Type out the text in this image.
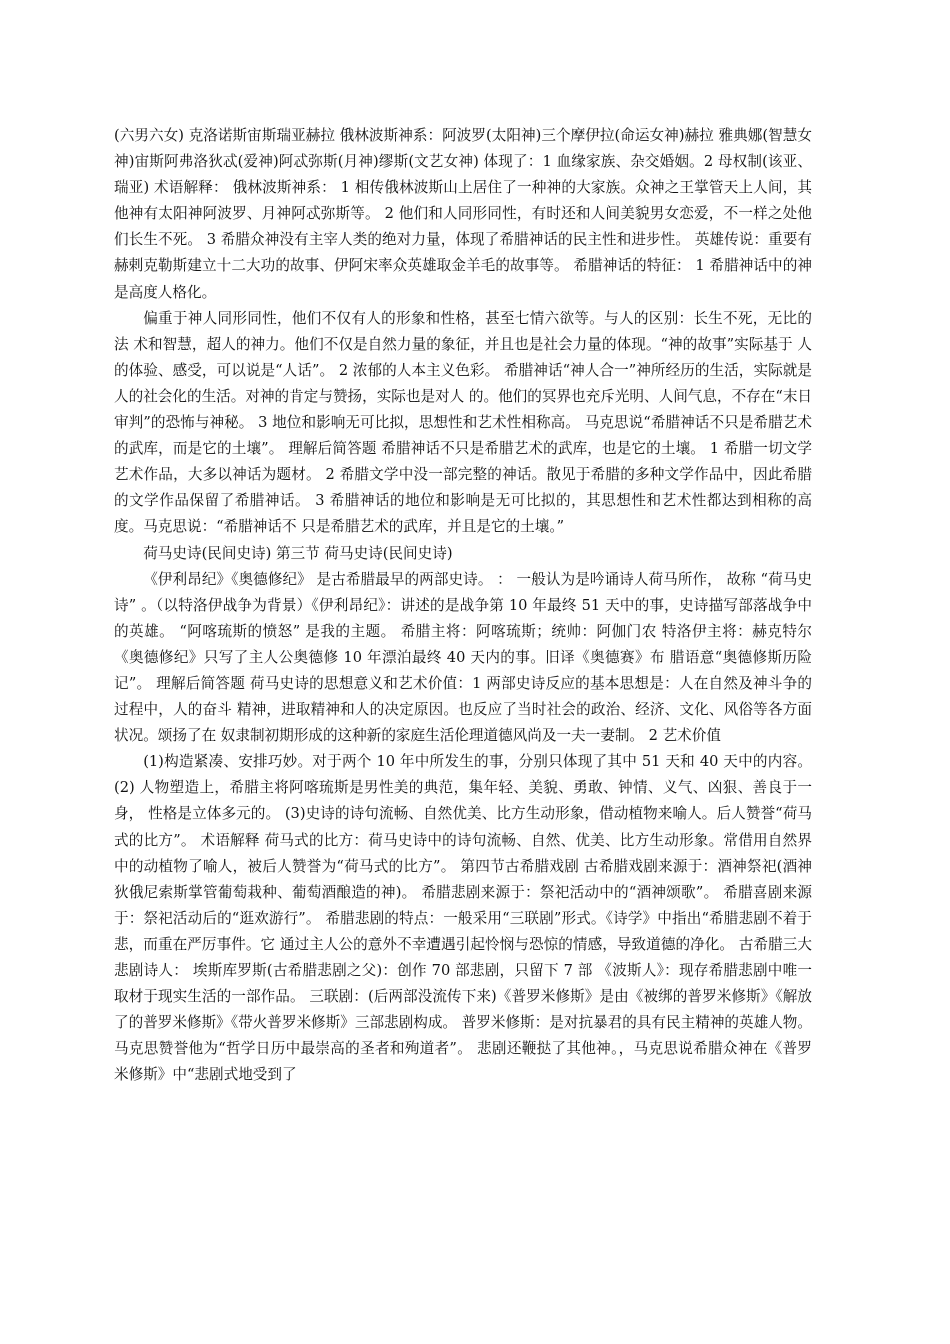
(六男六女) 克洛诺斯宙斯瑞亚赫拉 俄林波斯神系：阿波罗(太阳神)三个摩伊拉(命运女神)赫拉 雅典娜(智慧女神)宙斯阿弗洛狄忒(爱神)阿忒弥斯(月神)缪斯(文艺女神) 体现了：1 血缘家族、杂交婚姻。2 母权制(该亚、瑞亚) 术语解释： 俄林波斯神系： 1 相传俄林波斯山上居住了一种神的大家族。众神之王掌管天上人间，其他神有太阳神阿波罗、月神阿忒弥斯等。 2 他们和人同形同性，有时还和人间美貌男女恋爱，不一样之处他们长生不死。 3 希腊众神没有主宰人类的绝对力量，体现了希腊神话的民主性和进步性。 英雄传说：重要有赫剌克勒斯建立十二大功的故事、伊阿宋率众英雄取金羊毛的故事等。 希腊神话的特征： 1 希腊神话中的神是高度人格化。

偏重于神人同形同性，他们不仅有人的形象和性格，甚至七情六欲等。与人的区别：长生不死，无比的法 术和智慧，超人的神力。他们不仅是自然力量的象征，并且也是社会力量的体现。“神的故事”实际基于 人的体验、感受，可以说是“人话”。 2 浓郁的人本主义色彩。 希腊神话“神人合一”神所经历的生活，实际就是人的社会化的生活。对神的肯定与赞扬，实际也是对人 的。他们的冥界也充斥光明、人间气息，不存在“末日审判”的恐怖与神秘。 3 地位和影响无可比拟，思想性和艺术性相称高。 马克思说“希腊神话不只是希腊艺术的武库，而是它的土壤”。 理解后简答题 希腊神话不只是希腊艺术的武库，也是它的土壤。 1 希腊一切文学艺术作品，大多以神话为题材。 2 希腊文学中没一部完整的神话。散见于希腊的多种文学作品中，因此希腊的文学作品保留了希腊神话。 3 希腊神话的地位和影响是无可比拟的，其思想性和艺术性都达到相称的高度。马克思说：“希腊神话不 只是希腊艺术的武库，并且是它的土壤。”

荷马史诗(民间史诗) 第三节 荷马史诗(民间史诗)

《伊利昂纪》《奥德修纪》 是古希腊最早的两部史诗。 ： 一般认为是吟诵诗人荷马所作， 故称 “荷马史诗” 。（以特洛伊战争为背景）《伊利昂纪》：讲述的是战争第 10 年最终 51 天中的事，史诗描写部落战争中的英雄。 “阿喀琉斯的愤怒” 是我的主题。 希腊主将：阿喀琉斯；统帅：阿伽门农 特洛伊主将：赫克特尔《奥德修纪》只写了主人公奥德修 10 年漂泊最终 40 天内的事。旧译《奥德赛》布 腊语意“奥德修斯历险记”。 理解后简答题 荷马史诗的思想意义和艺术价值：1 两部史诗反应的基本思想是：人在自然及神斗争的过程中，人的奋斗 精神，进取精神和人的决定原因。也反应了当时社会的政治、经济、文化、风俗等各方面状况。颂扬了在 奴隶制初期形成的这种新的家庭生活伦理道德风尚及一夫一妻制。 2 艺术价值

(1)构造紧凑、安排巧妙。对于两个 10 年中所发生的事，分别只体现了其中 51 天和 40 天中的内容。(2) 人物塑造上，希腊主将阿喀琉斯是男性美的典范，集年轻、美貌、勇敢、钟情、义气、凶狠、善良于一身， 性格是立体多元的。 (3)史诗的诗句流畅、自然优美、比方生动形象，借动植物来喻人。后人赞誉“荷马式的比方”。 术语解释 荷马式的比方：荷马史诗中的诗句流畅、自然、优美、比方生动形象。常借用自然界中的动植物了喻人，被后人赞誉为“荷马式的比方”。 第四节古希腊戏剧 古希腊戏剧来源于：酒神祭祀(酒神狄俄尼索斯掌管葡萄栽种、葡萄酒酿造的神)。 希腊悲剧来源于：祭祀活动中的“酒神颂歌”。 希腊喜剧来源于：祭祀活动后的“逛欢游行”。 希腊悲剧的特点：一般采用“三联剧”形式。《诗学》中指出“希腊悲剧不着于悲，而重在严厉事件。它 通过主人公的意外不幸遭遇引起怜悯与恐惊的情感，导致道德的净化。 古希腊三大悲剧诗人： 埃斯库罗斯(古希腊悲剧之父)：创作 70 部悲剧，只留下 7 部 《波斯人》：现存希腊悲剧中唯一取材于现实生活的一部作品。 三联剧：(后两部没流传下来)《普罗米修斯》是由《被绑的普罗米修斯》《解放了的普罗米修斯》《带火普罗米修斯》三部悲剧构成。 普罗米修斯：是对抗暴君的具有民主精神的英雄人物。 马克思赞誉他为“哲学日历中最崇高的圣者和殉道者”。 悲剧还鞭挞了其他神。，马克思说希腊众神在《普罗米修斯》中“悲剧式地受到了
